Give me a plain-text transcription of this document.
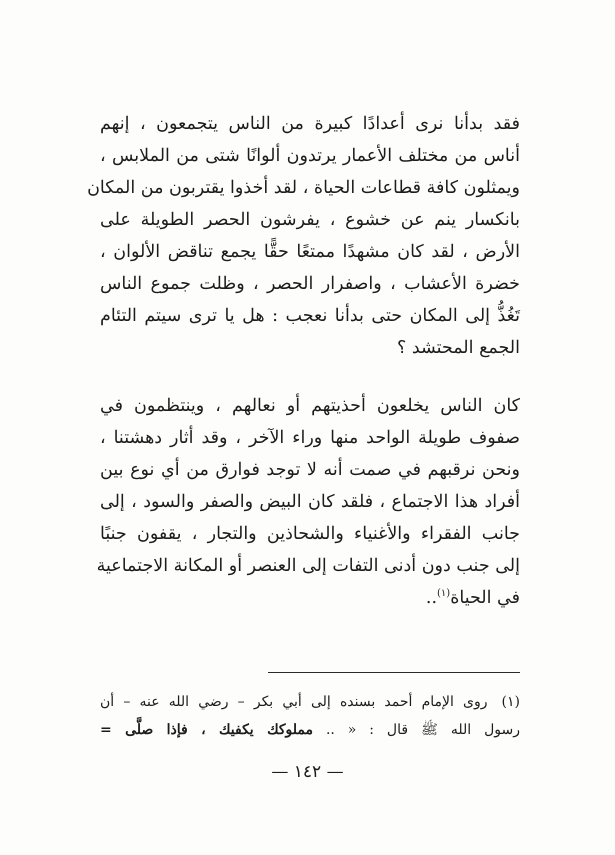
فقد بدأنا نرى أعدادًا كبيرة من الناس يتجمعون ، إنهم
أناس من مختلف الأعمار يرتدون ألوانًا شتى من الملابس ،
ويمثلون كافة قطاعات الحياة ، لقد أخذوا يقتربون من المكان
بانكسار ينم عن خشوع ، يفرشون الحصر الطويلة على
الأرض ، لقد كان مشهدًا ممتعًا حقًّا يجمع تناقض الألوان ،
خضرة الأعشاب ، واصفرار الحصر ، وظلت جموع الناس
تَغُذُّ إلى المكان حتى بدأنا نعجب : هل يا ترى سيتم التئام
الجمع المحتشد ؟
كان الناس يخلعون أحذيتهم أو نعالهم ، وينتظمون في
صفوف طويلة الواحد منها وراء الآخر ، وقد أثار دهشتنا ،
ونحن نرقبهم في صمت أنه لا توجد فوارق من أي نوع بين
أفراد هذا الاجتماع ، فلقد كان البيض والصفر والسود ، إلى
جانب الفقراء والأغنياء والشحاذين والتجار ، يقفون جنبًا
إلى جنب دون أدنى التفات إلى العنصر أو المكانة الاجتماعية
في الحياة$^{(١)}$..
(١)روى الإمام أحمد بسنده إلى أبي بكر – رضي الله عنه – أن
رسول الله ﷺ قال : « .. مملوكك يكفيك ، فإذا صلَّى =
— ١٤٢ —
